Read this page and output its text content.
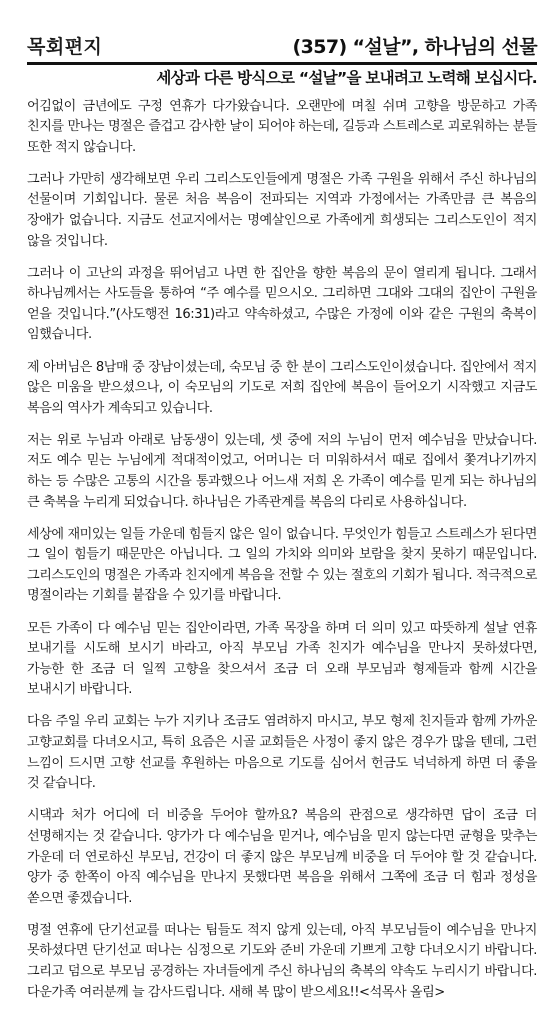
목회편지	(357) “설날”, 하나님의 선물
세상과 다른 방식으로 “설날”을 보내려고 노력해 보십시다.

어김없이 금년에도 구정 연휴가 다가왔습니다. 오랜만에 며칠 쉬며 고향을 방문하고 가족 친지를 만나는 명절은 즐겁고 감사한 날이 되어야 하는데, 길등과 스트레스로 괴로워하는 분들 또한 적지 않습니다.

그러나 가만히 생각해보면 우리 그리스도인들에게 명절은 가족 구원을 위해서 주신 하나님의 선물이며 기회입니다. 물론 처음 복음이 전파되는 지역과 가정에서는 가족만큼 큰 복음의 장애가 없습니다. 지금도 선교지에서는 명예살인으로 가족에게 희생되는 그리스도인이 적지 않을 것입니다.

그러나 이 고난의 과정을 뛰어넘고 나면 한 집안을 향한 복음의 문이 열리게 됩니다. 그래서 하나님께서는 사도들을 통하여 “주 예수를 믿으시오. 그리하면 그대와 그대의 집안이 구원을 얻을 것입니다.”(사도행전 16:31)라고 약속하셨고, 수많은 가정에 이와 같은 구원의 축복이 임했습니다.

제 아버님은 8남매 중 장남이셨는데, 숙모님 중 한 분이 그리스도인이셨습니다. 집안에서 적지 않은 미움을 받으셨으나, 이 숙모님의 기도로 저희 집안에 복음이 들어오기 시작했고 지금도 복음의 역사가 계속되고 있습니다.

저는 위로 누님과 아래로 남동생이 있는데, 셋 중에 저의 누님이 먼저 예수님을 만났습니다. 저도 예수 믿는 누님에게 적대적이었고, 어머니는 더 미워하셔서 때로 집에서 쫓겨나기까지 하는 등 수많은 고통의 시간을 통과했으나 어느새 저희 온 가족이 예수를 믿게 되는 하나님의 큰 축복을 누리게 되었습니다. 하나님은 가족관계를 복음의 다리로 사용하십니다.

세상에 재미있는 일들 가운데 힘들지 않은 일이 없습니다. 무엇인가 힘들고 스트레스가 된다면 그 일이 힘들기 때문만은 아닙니다. 그 일의 가치와 의미와 보람을 찾지 못하기 때문입니다. 그리스도인의 명절은 가족과 친지에게 복음을 전할 수 있는 절호의 기회가 됩니다. 적극적으로 명절이라는 기회를 붙잡을 수 있기를 바랍니다.

모든 가족이 다 예수님 믿는 집안이라면, 가족 목장을 하며 더 의미 있고 따뜻하게 설날 연휴 보내기를 시도해 보시기 바라고, 아직 부모님 가족 친지가 예수님을 만나지 못하셨다면, 가능한 한 조금 더 일찍 고향을 찾으셔서 조금 더 오래 부모님과 형제들과 함께 시간을 보내시기 바랍니다.

다음 주일 우리 교회는 누가 지키나 조금도 염려하지 마시고, 부모 형제 친지들과 함께 가까운 고향교회를 다녀오시고, 특히 요즘은 시골 교회들은 사정이 좋지 않은 경우가 많을 텐데, 그런 느낌이 드시면 고향 선교를 후원하는 마음으로 기도를 심어서 헌금도 넉넉하게 하면 더 좋을 것 같습니다.

시댁과 처가 어디에 더 비중을 두어야 할까요? 복음의 관점으로 생각하면 답이 조금 더 선명해지는 것 같습니다. 양가가 다 예수님을 믿거나, 예수님을 믿지 않는다면 균형을 맞추는 가운데 더 연로하신 부모님, 건강이 더 좋지 않은 부모님께 비중을 더 두어야 할 것 같습니다. 양가 중 한쪽이 아직 예수님을 만나지 못했다면 복음을 위해서 그쪽에 조금 더 힘과 정성을 쏟으면 좋겠습니다.

명절 연휴에 단기선교를 떠나는 팀들도 적지 않게 있는데, 아직 부모님들이 예수님을 만나지 못하셨다면 단기선교 떠나는 심정으로 기도와 준비 가운데 기쁘게 고향 다녀오시기 바랍니다. 그리고 덤으로 부모님 공경하는 자녀들에게 주신 하나님의 축복의 약속도 누리시기 바랍니다. 다운가족 여러분께 늘 감사드립니다. 새해 복 많이 받으세요!!<석목사 올림>
